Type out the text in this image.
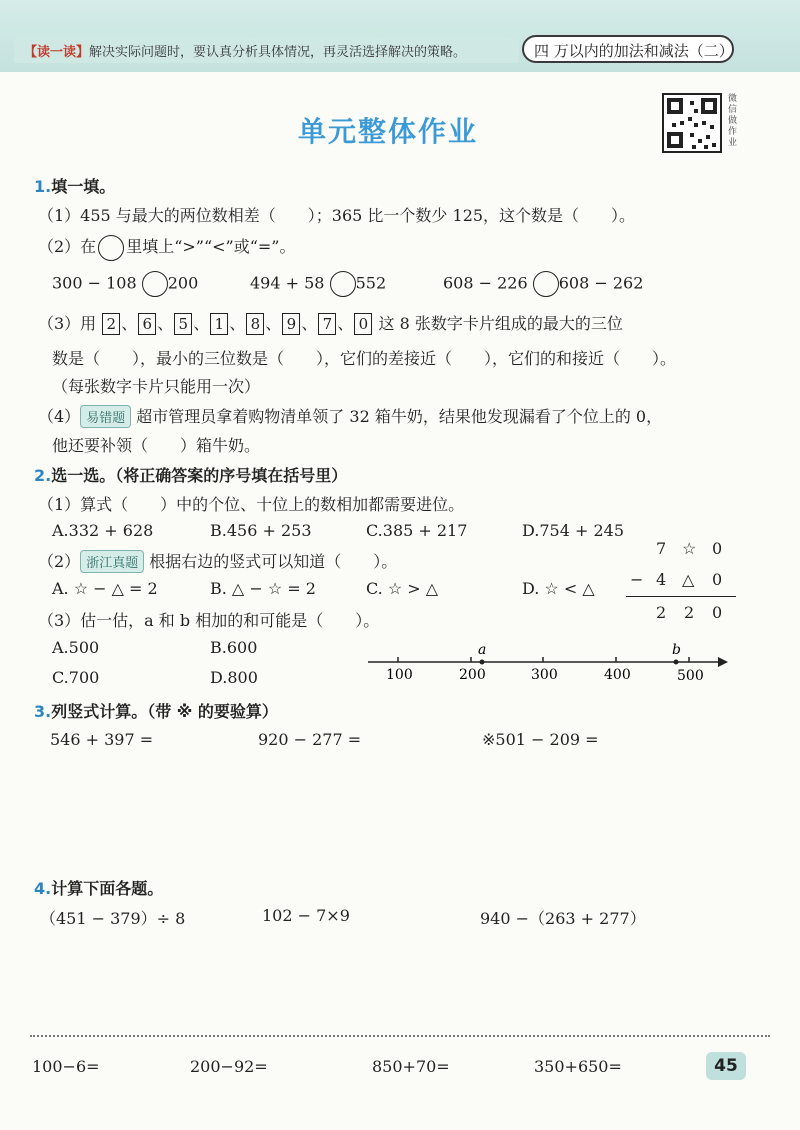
【读一读】解决实际问题时，要认真分析具体情况，再灵活选择解决的策略。	四 万以内的加法和减法（二）
单元整体作业
微信做作业
1.填一填。
（1）455 与最大的两位数相差（　　）；365 比一个数少 125，这个数是（　　）。
（2）在 里填上“>”“<”或“=”。
300 − 108 200	494 + 58 552	608 − 226 608 − 262
（3）用 2 、 6 、 5 、 1 、 8 、 9 、 7 、 0 这 8 张数字卡片组成的最大的三位
数是（　　），最小的三位数是（　　），它们的差接近（　　），它们的和接近（　　）。
（每张数字卡片只能用一次）
（4） 易错题 超市管理员拿着购物清单领了 32 箱牛奶，结果他发现漏看了个位上的 0，
他还要补领（　　）箱牛奶。
2.选一选。（将正确答案的序号填在括号里）
（1）算式（　　）中的个位、十位上的数相加都需要进位。
A.332 + 628	B.456 + 253	C.385 + 217	D.754 + 245
（2） 浙江真题 根据右边的竖式可以知道（　　）。
A. ☆ − △ = 2	B. △ − ☆ = 2	C. ☆ > △	D. ☆ < △
7 ☆ 0
− 4 △ 0
2 2 0
（3）估一估，a 和 b 相加的和可能是（　　）。
A.500	B.600
C.700	D.800
a	b
100	200	300	400	500
3.列竖式计算。（带 ※ 的要验算）
546 + 397 =	920 − 277 =	※501 − 209 =
4.计算下面各题。
（451 − 379）÷ 8	102 − 7×9	940 −（263 + 277）
100−6=	200−92=	850+70=	350+650=	45
